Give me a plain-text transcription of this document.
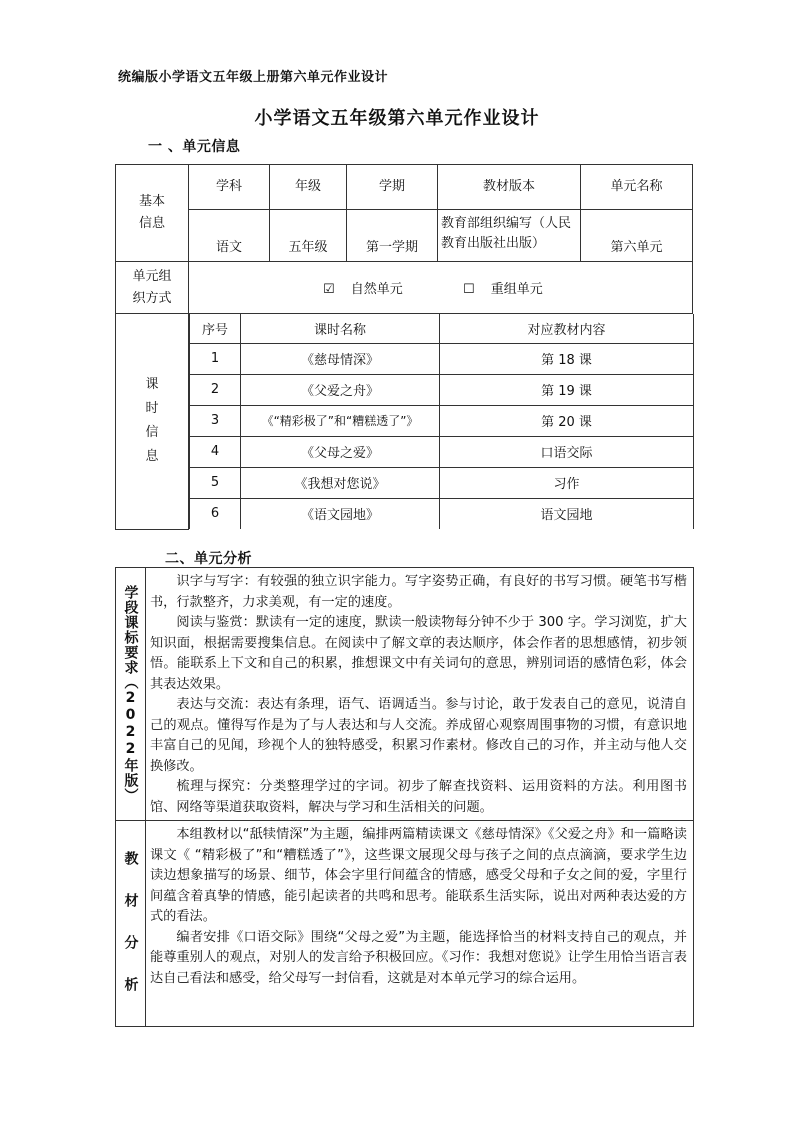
统编版小学语文五年级上册第六单元作业设计
小学语文五年级第六单元作业设计
一 、单元信息
基本
信息
	学科	年级	学期	教材版本	单元名称
语文	五年级	第一学期	教育部组织编写（人民教育出版社出版）	第六单元

单元组
织方式
	☑ 自然单元	☐ 重组单元

课
时
信
息

序号	课时名称	对应教材内容
1	《慈母情深》	第 18 课
2	《父爱之舟》	第 19 课
3	《“精彩极了”和“糟糕透了”》	第 20 课
4	《父母之爱》	口语交际
5	《我想对您说》	习作
6	《语文园地》	语文园地
二、单元分析
学段课标要求（2022年版）	识字与写字：有较强的独立识字能力。写字姿势正确，有良好的书写习惯。硬笔书写楷书，行款整齐，力求美观，有一定的速度。

阅读与鉴赏：默读有一定的速度，默读一般读物每分钟不少于 300 字。学习浏览，扩大知识面，根据需要搜集信息。在阅读中了解文章的表达顺序，体会作者的思想感情，初步领悟。能联系上下文和自己的积累，推想课文中有关词句的意思，辨别词语的感情色彩，体会其表达效果。

表达与交流：表达有条理，语气、语调适当。参与讨论，敢于发表自己的意见，说清自己的观点。懂得写作是为了与人表达和与人交流。养成留心观察周围事物的习惯，有意识地丰富自己的见闻，珍视个人的独特感受，积累习作素材。修改自己的习作，并主动与他人交换修改。

梳理与探究：分类整理学过的字词。初步了解查找资料、运用资料的方法。利用图书馆、网络等渠道获取资料，解决与学习和生活相关的问题。

教 材 分 析	本组教材以“舐犊情深”为主题，编排两篇精读课文《慈母情深》《父爱之舟》和一篇略读课文《 “精彩极了”和“糟糕透了”》，这些课文展现父母与孩子之间的点点滴滴，要求学生边读边想象描写的场景、细节，体会字里行间蕴含的情感，感受父母和子女之间的爱，字里行间蕴含着真挚的情感，能引起读者的共鸣和思考。能联系生活实际，说出对两种表达爱的方式的看法。

编者安排《口语交际》围绕“父母之爱”为主题，能选择恰当的材料支持自己的观点，并能尊重别人的观点，对别人的发言给予积极回应。《习作：我想对您说》让学生用恰当语言表达自己看法和感受，给父母写一封信看，这就是对本单元学习的综合运用。
